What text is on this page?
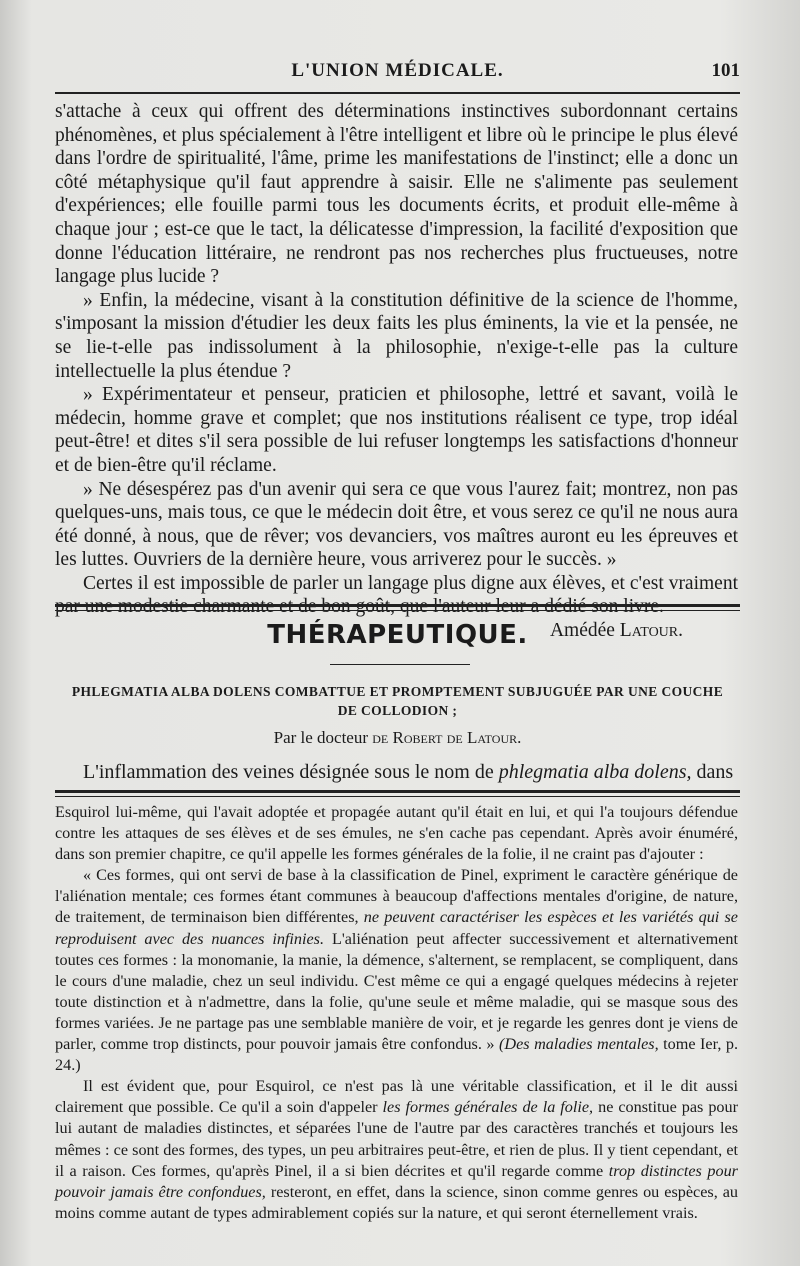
L'UNION MÉDICALE.	101

s'attache à ceux qui offrent des déterminations instinctives subordonnant certains phénomènes, et plus spécialement à l'être intelligent et libre où le principe le plus élevé dans l'ordre de spiritualité, l'âme, prime les manifestations de l'instinct; elle a donc un côté métaphysique qu'il faut apprendre à saisir. Elle ne s'alimente pas seulement d'expériences; elle fouille parmi tous les documents écrits, et produit elle-même à chaque jour ; est-ce que le tact, la délicatesse d'impression, la facilité d'exposition que donne l'éducation littéraire, ne rendront pas nos recherches plus fructueuses, notre langage plus lucide ?

» Enfin, la médecine, visant à la constitution définitive de la science de l'homme, s'imposant la mission d'étudier les deux faits les plus éminents, la vie et la pensée, ne se lie-t-elle pas indissolument à la philosophie, n'exige-t-elle pas la culture intellectuelle la plus étendue ?

» Expérimentateur et penseur, praticien et philosophe, lettré et savant, voilà le médecin, homme grave et complet; que nos institutions réalisent ce type, trop idéal peut-être! et dites s'il sera possible de lui refuser longtemps les satisfactions d'honneur et de bien-être qu'il réclame.

» Ne désespérez pas d'un avenir qui sera ce que vous l'aurez fait; montrez, non pas quelques-uns, mais tous, ce que le médecin doit être, et vous serez ce qu'il ne nous aura été donné, à nous, que de rêver; vos devanciers, vos maîtres auront eu les épreuves et les luttes. Ouvriers de la dernière heure, vous arriverez pour le succès. »

Certes il est impossible de parler un langage plus digne aux élèves, et c'est vraiment par une modestie charmante et de bon goût, que l'auteur leur a dédié son livre.

Amédée Latour.

THÉRAPEUTIQUE.
PHLEGMATIA ALBA DOLENS COMBATTUE ET PROMPTEMENT SUBJUGUÉE PAR UNE COUCHE
DE COLLODION ;
Par le docteur de Robert de Latour.
L'inflammation des veines désignée sous le nom de phlegmatia alba dolens, dans

Esquirol lui-même, qui l'avait adoptée et propagée autant qu'il était en lui, et qui l'a toujours défendue contre les attaques de ses élèves et de ses émules, ne s'en cache pas cependant. Après avoir énuméré, dans son premier chapitre, ce qu'il appelle les formes générales de la folie, il ne craint pas d'ajouter :

« Ces formes, qui ont servi de base à la classification de Pinel, expriment le caractère générique de l'aliénation mentale; ces formes étant communes à beaucoup d'affections mentales d'origine, de nature, de traitement, de terminaison bien différentes, ne peuvent caractériser les espèces et les variétés qui se reproduisent avec des nuances infinies. L'aliénation peut affecter successivement et alternativement toutes ces formes : la monomanie, la manie, la démence, s'alternent, se remplacent, se compliquent, dans le cours d'une maladie, chez un seul individu. C'est même ce qui a engagé quelques médecins à rejeter toute distinction et à n'admettre, dans la folie, qu'une seule et même maladie, qui se masque sous des formes variées. Je ne partage pas une semblable manière de voir, et je regarde les genres dont je viens de parler, comme trop distincts, pour pouvoir jamais être confondus. » (Des maladies mentales, tome Ier, p. 24.)

Il est évident que, pour Esquirol, ce n'est pas là une véritable classification, et il le dit aussi clairement que possible. Ce qu'il a soin d'appeler les formes générales de la folie, ne constitue pas pour lui autant de maladies distinctes, et séparées l'une de l'autre par des caractères tranchés et toujours les mêmes : ce sont des formes, des types, un peu arbitraires peut-être, et rien de plus. Il y tient cependant, et il a raison. Ces formes, qu'après Pinel, il a si bien décrites et qu'il regarde comme trop distinctes pour pouvoir jamais être confondues, resteront, en effet, dans la science, sinon comme genres ou espèces, au moins comme autant de types admirablement copiés sur la nature, et qui seront éternellement vrais.
